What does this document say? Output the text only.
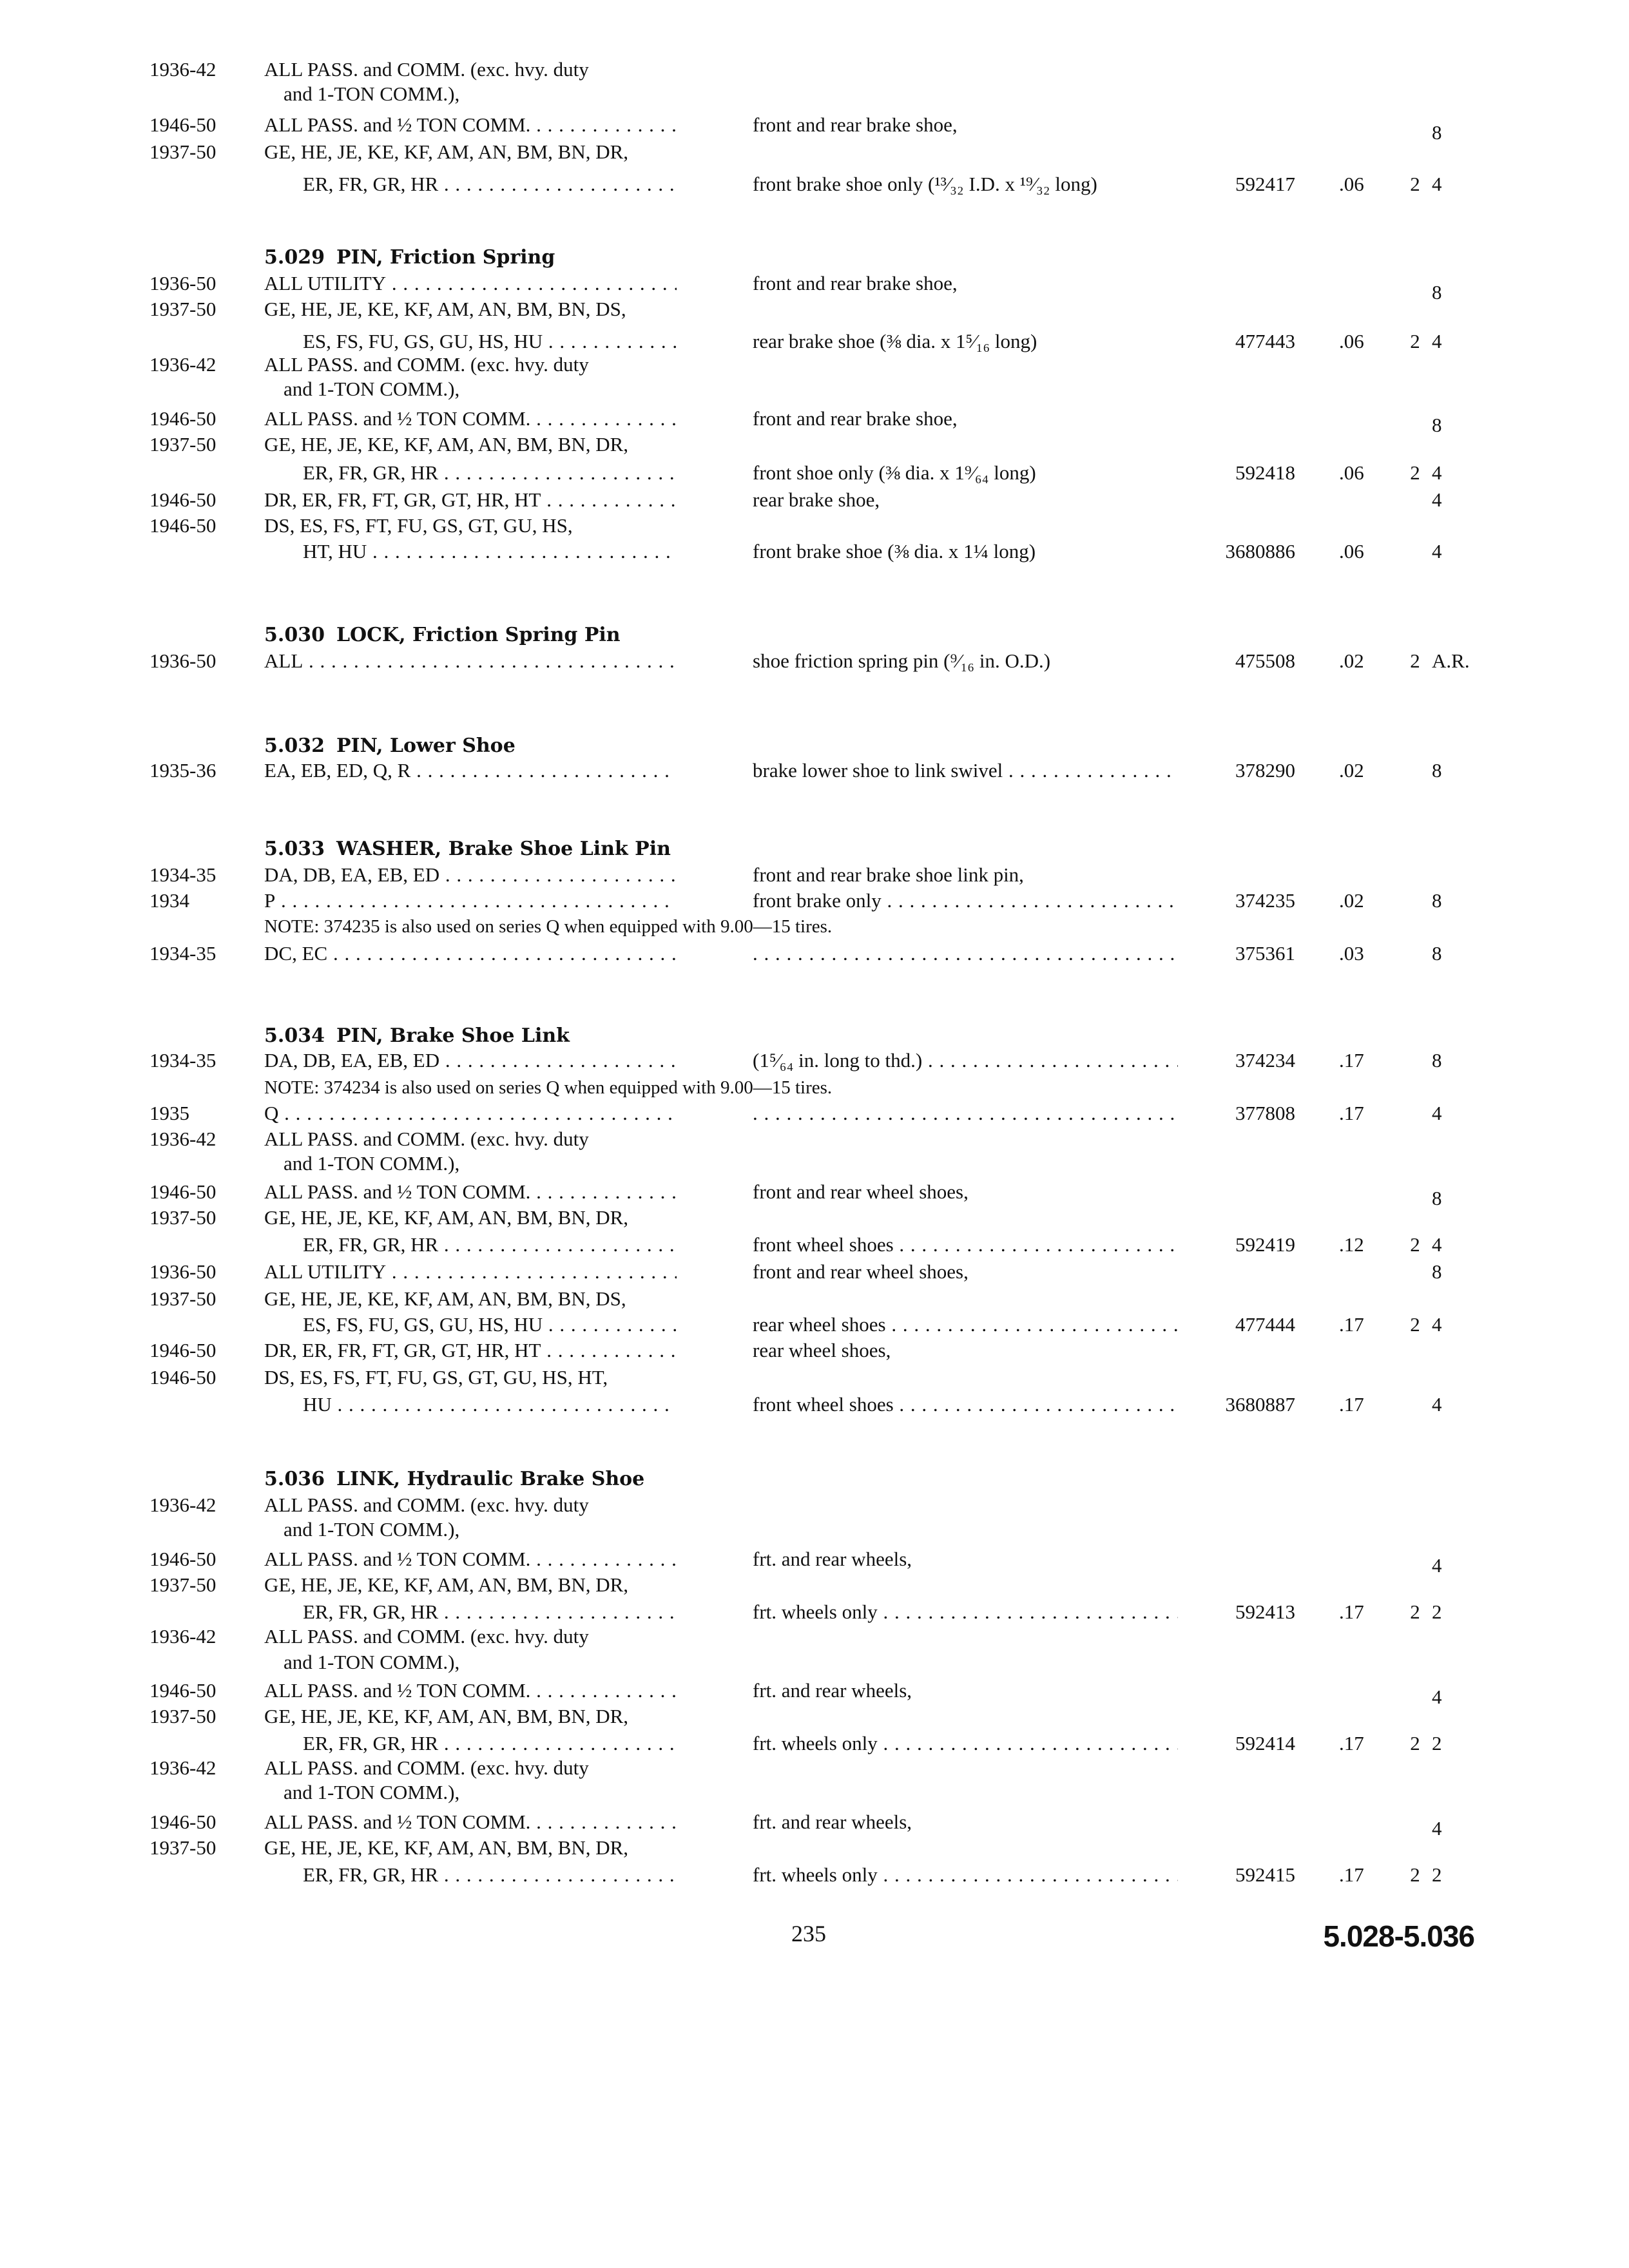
5.029 PIN, Friction Spring
5.030 LOCK, Friction Spring Pin
5.032 PIN, Lower Shoe
5.033 WASHER, Brake Shoe Link Pin
5.034 PIN, Brake Shoe Link
5.036 LINK, Hydraulic Brake Shoe
NOTE: 374235 is also used on series Q when equipped with 9.00—15 tires.
NOTE: 374234 is also used on series Q when equipped with 9.00—15 tires.
1936-42	ALL PASS. and COMM. (exc. hvy. duty
and 1-TON COMM.),
1946-50	ALL PASS. and ½ TON COMM. . . .	front and rear brake shoe,	8
1937-50	GE, HE, JE, KE, KF, AM, AN, BM, BN, DR,
ER, FR, GR, HR . . .	front brake shoe only (¹³⁄₃₂ I.D. x ¹⁹⁄₃₂ long)	592417 .06	2 4
1936-50	ALL UTILITY . . .	front and rear brake shoe,	8
1937-50	GE, HE, JE, KE, KF, AM, AN, BM, BN, DS,
ES, FS, FU, GS, GU, HS, HU . . .	rear brake shoe (⅜ dia. x 1⁵⁄₁₆ long)	477443 .06	2 4
1936-42	ALL PASS. and COMM. (exc. hvy. duty
and 1-TON COMM.),
1946-50	ALL PASS. and ½ TON COMM. . . .	front and rear brake shoe,	8
1937-50	GE, HE, JE, KE, KF, AM, AN, BM, BN, DR,
ER, FR, GR, HR . . .	front shoe only (⅜ dia. x 1⁹⁄₆₄ long)	592418 .06	2 4
1946-50	DR, ER, FR, FT, GR, GT, HR, HT . . .	rear brake shoe,	4
1946-50	DS, ES, FS, FT, FU, GS, GT, GU, HS,
HT, HU . . .	front brake shoe (⅜ dia. x 1¼ long)	3680886 .06	4
1936-50	ALL . . .	shoe friction spring pin (⁹⁄₁₆ in. O.D.)	475508 .02	2 A.R.
1935-36	EA, EB, ED, Q, R . . .	brake lower shoe to link swivel . . .	378290 .02	8
1934-35	DA, DB, EA, EB, ED . . .	front and rear brake shoe link pin,
1934	P . . .	front brake only . . .	374235 .02	8
1934-35	DC, EC . . . . . .	375361 .03	8
1934-35	DA, DB, EA, EB, ED . . .	(1⁵⁄₆₄ in. long to thd.) . . .	374234 .17	8
1935	Q . . . . . .	377808 .17	4
1936-42	ALL PASS. and COMM. (exc. hvy. duty
and 1-TON COMM.),
1946-50	ALL PASS. and ½ TON COMM. . . .	front and rear wheel shoes,	8
1937-50	GE, HE, JE, KE, KF, AM, AN, BM, BN, DR,
ER, FR, GR, HR . . .	front wheel shoes . . .	592419 .12	2 4
1936-50	ALL UTILITY . . .	front and rear wheel shoes,	8
1937-50	GE, HE, JE, KE, KF, AM, AN, BM, BN, DS,
ES, FS, FU, GS, GU, HS, HU . . .	rear wheel shoes . . .	477444 .17	2 4
1946-50	DR, ER, FR, FT, GR, GT, HR, HT . . .	rear wheel shoes,
1946-50	DS, ES, FS, FT, FU, GS, GT, GU, HS, HT,
HU . . .	front wheel shoes . . .	3680887 .17	4
1936-42	ALL PASS. and COMM. (exc. hvy. duty
and 1-TON COMM.),
1946-50	ALL PASS. and ½ TON COMM. . . .	frt. and rear wheels,	4
1937-50	GE, HE, JE, KE, KF, AM, AN, BM, BN, DR,
ER, FR, GR, HR . . .	frt. wheels only . . .	592413 .17	2 2
1936-42	ALL PASS. and COMM. (exc. hvy. duty
and 1-TON COMM.),
1946-50	ALL PASS. and ½ TON COMM. . . .	frt. and rear wheels,	4
1937-50	GE, HE, JE, KE, KF, AM, AN, BM, BN, DR,
ER, FR, GR, HR . . .	frt. wheels only . . .	592414 .17	2 2
1936-42	ALL PASS. and COMM. (exc. hvy. duty
and 1-TON COMM.),
1946-50	ALL PASS. and ½ TON COMM. . . .	frt. and rear wheels,	4
1937-50	GE, HE, JE, KE, KF, AM, AN, BM, BN, DR,
ER, FR, GR, HR . . .	frt. wheels only . . .	592415 .17	2 2
235	5.028-5.036
